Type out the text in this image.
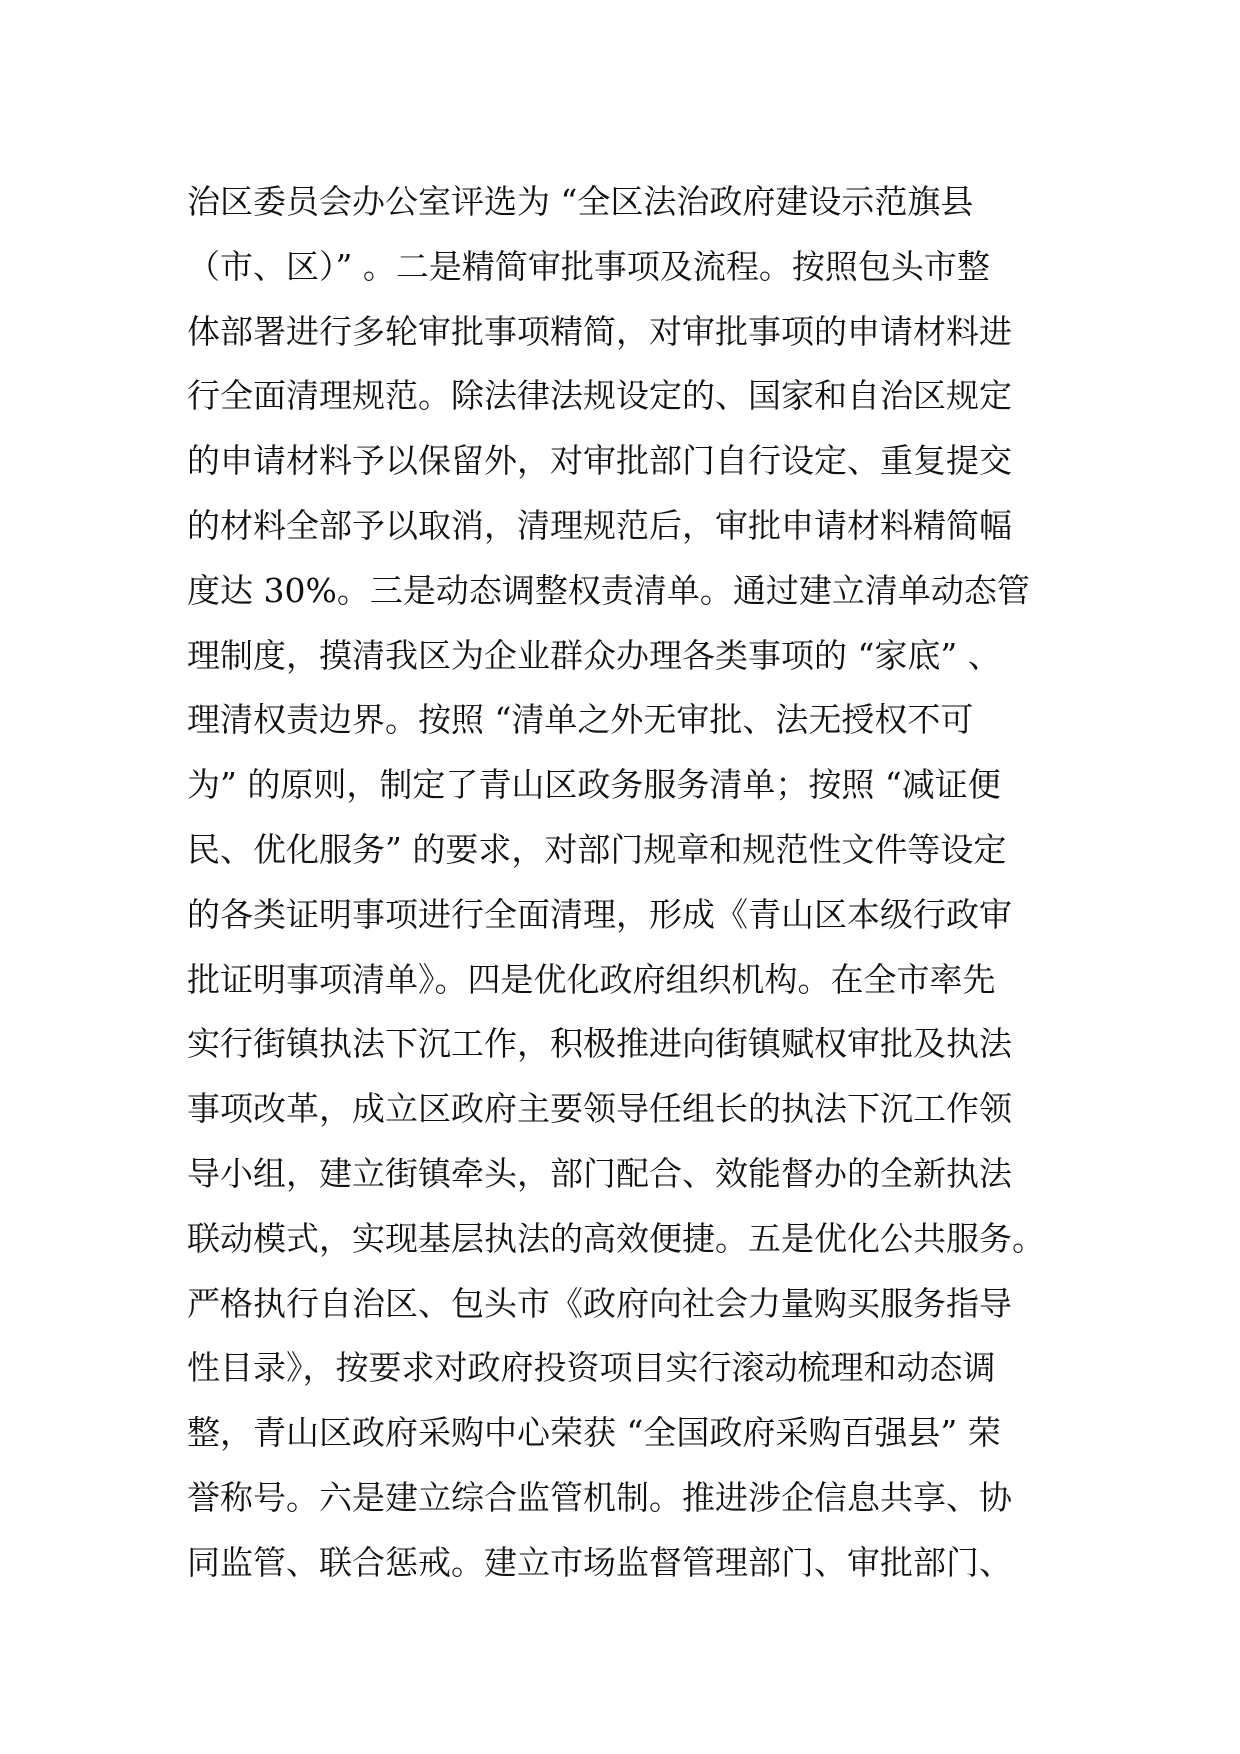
治区委员会办公室评选为 “全区法治政府建设示范旗县
（市、区）” 。二是精简审批事项及流程。按照包头市整
体部署进行多轮审批事项精简，对审批事项的申请材料进
行全面清理规范。除法律法规设定的、国家和自治区规定
的申请材料予以保留外，对审批部门自行设定、重复提交
的材料全部予以取消，清理规范后，审批申请材料精简幅
度达 30%。三是动态调整权责清单。通过建立清单动态管
理制度，摸清我区为企业群众办理各类事项的 “家底” 、
理清权责边界。按照 “清单之外无审批、法无授权不可
为” 的原则，制定了青山区政务服务清单；按照 “减证便
民、优化服务” 的要求，对部门规章和规范性文件等设定
的各类证明事项进行全面清理，形成《青山区本级行政审
批证明事项清单》。四是优化政府组织机构。在全市率先
实行街镇执法下沉工作，积极推进向街镇赋权审批及执法
事项改革，成立区政府主要领导任组长的执法下沉工作领
导小组，建立街镇牵头，部门配合、效能督办的全新执法
联动模式，实现基层执法的高效便捷。五是优化公共服务。
严格执行自治区、包头市《政府向社会力量购买服务指导
性目录》，按要求对政府投资项目实行滚动梳理和动态调
整，青山区政府采购中心荣获 “全国政府采购百强县” 荣
誉称号。六是建立综合监管机制。推进涉企信息共享、协
同监管、联合惩戒。建立市场监督管理部门、审批部门、
